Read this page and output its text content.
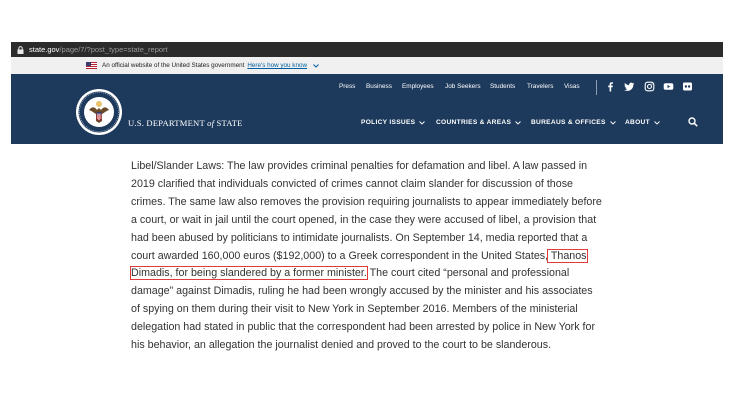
state.gov /page/7/?post_type=state_report
An official website of the United States government Here's how you know
Press Business Employees Job Seekers Students Travelers Visas
U.S. DEPARTMENT of STATE	POLICY ISSUES	COUNTRIES & AREAS	BUREAUS & OFFICES	ABOUT

Libel/Slander Laws: The law provides criminal penalties for defamation and libel. A law passed in 2019 clarified that individuals convicted of crimes cannot claim slander for discussion of those crimes. The same law also removes the provision requiring journalists to appear immediately before a court, or wait in jail until the court opened, in the case they were accused of libel, a provision that had been abused by politicians to intimidate journalists. On September 14, media reported that a court awarded 160,000 euros ($192,000) to a Greek correspondent in the United States, Thanos Dimadis, for being slandered by a former minister. The court cited “personal and professional damage” against Dimadis, ruling he had been wrongly accused by the minister and his associates of spying on them during their visit to New York in September 2016. Members of the ministerial delegation had stated in public that the correspondent had been arrested by police in New York for his behavior, an allegation the journalist denied and proved to the court to be slanderous.
